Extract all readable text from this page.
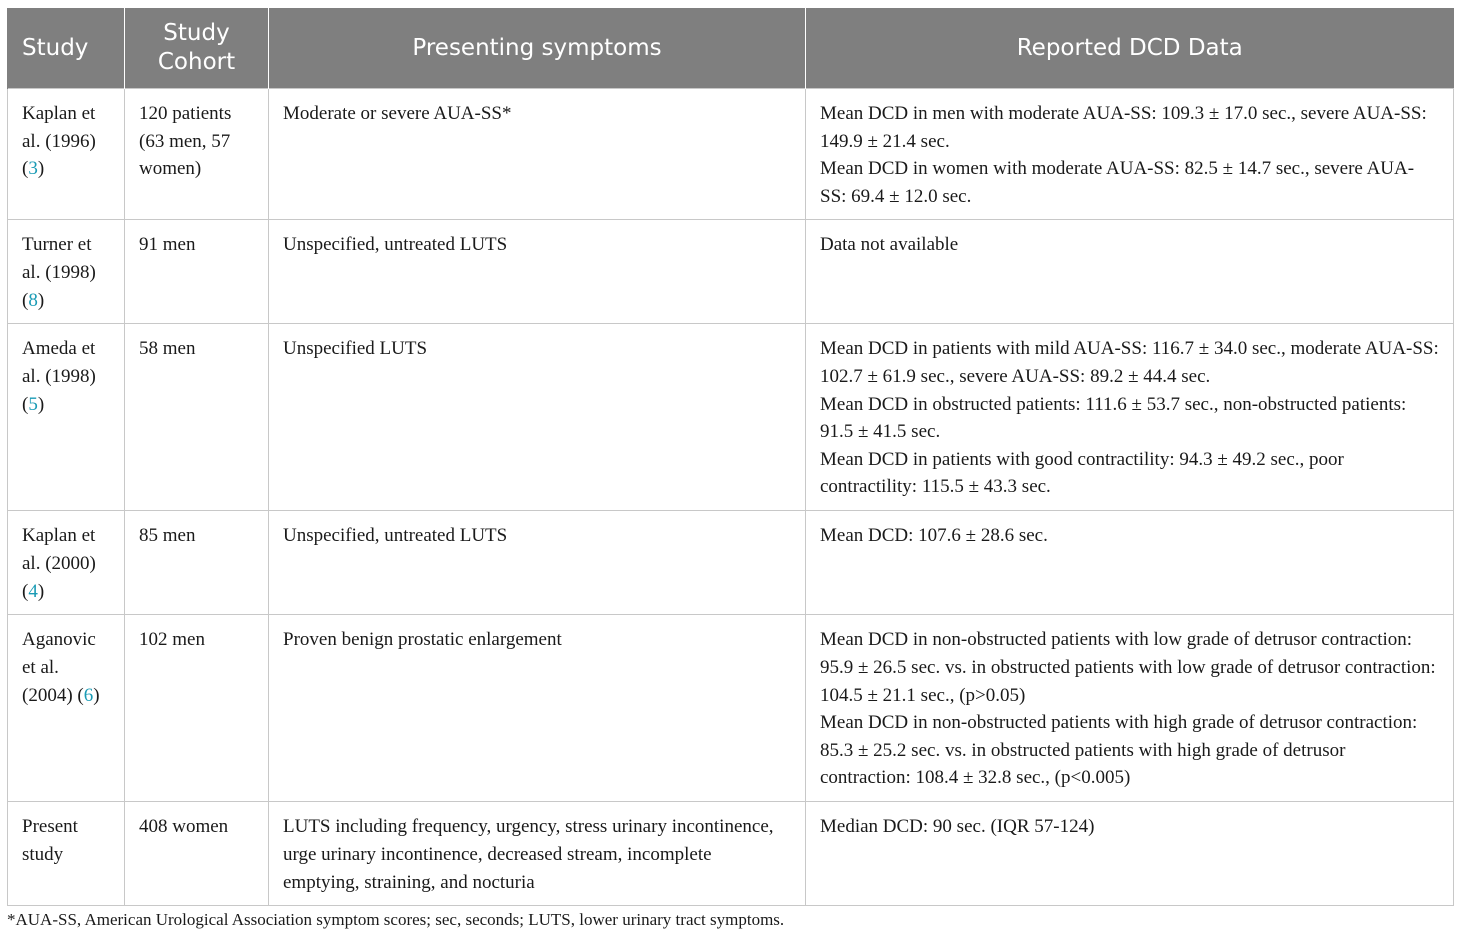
Study	Study Cohort	Presenting symptoms	Reported DCD Data
Kaplan et al. (1996) (3)	120 patients (63 men, 57 women)	Moderate or severe AUA-SS*	Mean DCD in men with moderate AUA-SS: 109.3 ± 17.0 sec., severe AUA-SS: 149.9 ± 21.4 sec.
Mean DCD in women with moderate AUA-SS: 82.5 ± 14.7 sec., severe AUA-SS: 69.4 ± 12.0 sec.

Turner et al. (1998) (8)	91 men	Unspecified, untreated LUTS	Data not available

Ameda et al. (1998) (5)	58 men	Unspecified LUTS	Mean DCD in patients with mild AUA-SS: 116.7 ± 34.0 sec., moderate AUA-SS: 102.7 ± 61.9 sec., severe AUA-SS: 89.2 ± 44.4 sec.
Mean DCD in obstructed patients: 111.6 ± 53.7 sec., non-obstructed patients: 91.5 ± 41.5 sec.
Mean DCD in patients with good contractility: 94.3 ± 49.2 sec., poor contractility: 115.5 ± 43.3 sec.

Kaplan et al. (2000) (4)	85 men	Unspecified, untreated LUTS	Mean DCD: 107.6 ± 28.6 sec.

Aganovic et al. (2004) (6)	102 men	Proven benign prostatic enlargement	Mean DCD in non-obstructed patients with low grade of detrusor contraction: 95.9 ± 26.5 sec. vs. in obstructed patients with low grade of detrusor contraction: 104.5 ± 21.1 sec., (p>0.05)
Mean DCD in non-obstructed patients with high grade of detrusor contraction: 85.3 ± 25.2 sec. vs. in obstructed patients with high grade of detrusor contraction: 108.4 ± 32.8 sec., (p<0.005)

Present study	408 women	LUTS including frequency, urgency, stress urinary incontinence, urge urinary incontinence, decreased stream, incomplete emptying, straining, and nocturia	Median DCD: 90 sec. (IQR 57-124)
*AUA-SS, American Urological Association symptom scores; sec, seconds; LUTS, lower urinary tract symptoms.
